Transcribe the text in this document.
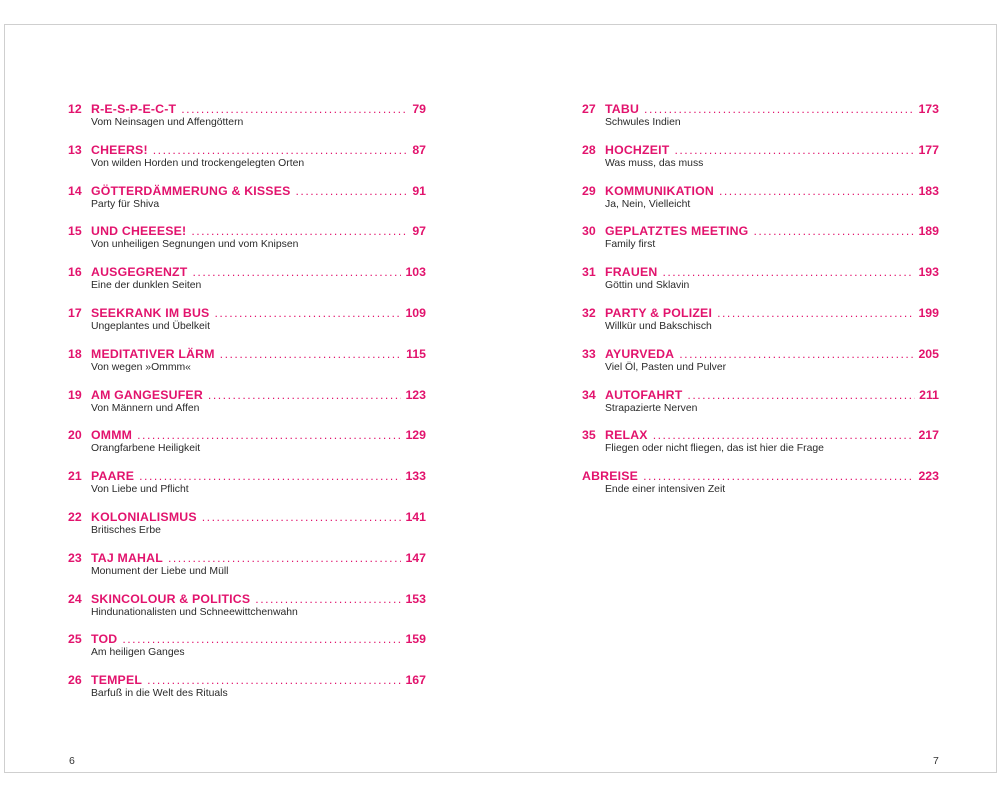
12 R-E-S-P-E-C-T .....	79
Vom Neinsagen und Affengöttern
13 CHEERS! .....	87
Von wilden Horden und trockengelegten Orten
14 GÖTTERDÄMMERUNG & KISSES .....	91
Party für Shiva
15 UND CHEEESE! .....	97
Von unheiligen Segnungen und vom Knipsen
16 AUSGEGRENZT .....	103
Eine der dunklen Seiten
17 SEEKRANK IM BUS .....	109
Ungeplantes und Übelkeit
18 MEDITATIVER LÄRM .....	115
Von wegen »Ommm«
19 AM GANGESUFER .....	123
Von Männern und Affen
20 OMMM .....	129
Orangfarbene Heiligkeit
21 PAARE .....	133
Von Liebe und Pflicht
22 KOLONIALISMUS .....	141
Britisches Erbe
23 TAJ MAHAL .....	147
Monument der Liebe und Müll
24 SKINCOLOUR & POLITICS .....	153
Hindunationalisten und Schneewittchenwahn
25 TOD .....	159
Am heiligen Ganges
26 TEMPEL .....	167
Barfuß in die Welt des Rituals
27 TABU .....	173
Schwules Indien
28 HOCHZEIT .....	177
Was muss, das muss
29 KOMMUNIKATION .....	183
Ja, Nein, Vielleicht
30 GEPLATZTES MEETING .....	189
Family first
31 FRAUEN .....	193
Göttin und Sklavin
32 PARTY & POLIZEI .....	199
Willkür und Bakschisch
33 AYURVEDA .....	205
Viel Öl, Pasten und Pulver
34 AUTOFAHRT .....	211
Strapazierte Nerven
35 RELAX .....	217
Fliegen oder nicht fliegen, das ist hier die Frage
ABREISE .....	223
Ende einer intensiven Zeit
6	7
